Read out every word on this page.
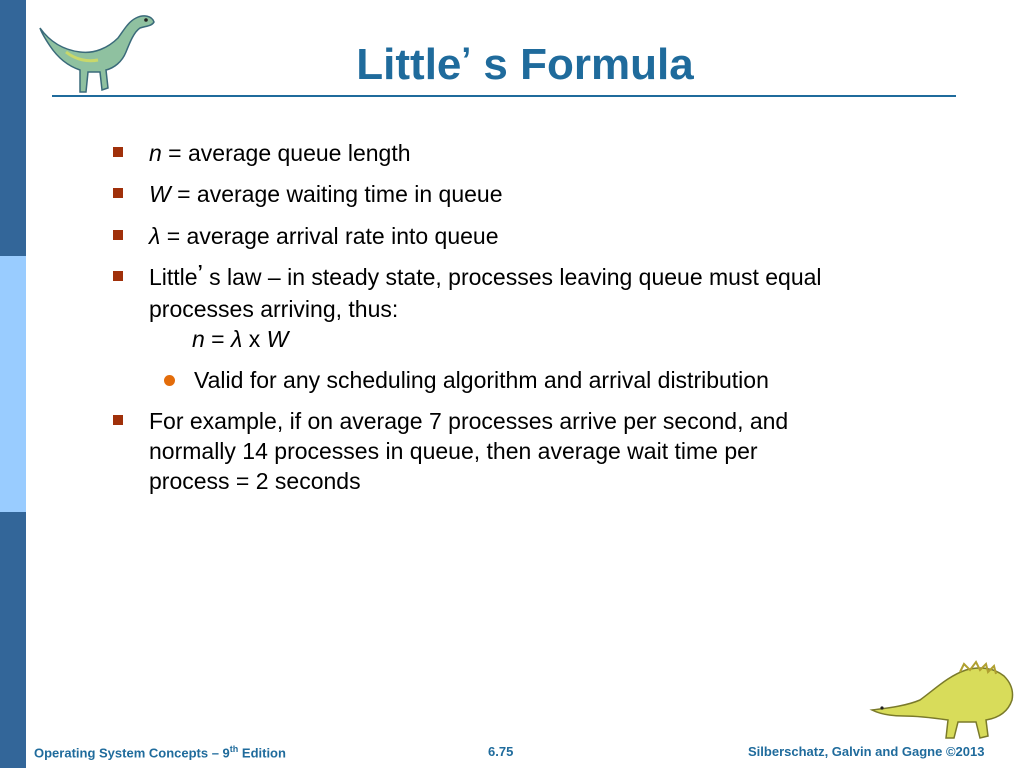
Little’ s Formula
n = average queue length
W = average waiting time in queue
λ = average arrival rate into queue
Little’ s law – in steady state, processes leaving queue must equal
processes arriving, thus:
n = λ x W
Valid for any scheduling algorithm and arrival distribution
For example, if on average 7 processes arrive per second, and
normally 14 processes in queue, then average wait time per
process = 2 seconds
Operating System Concepts – 9th Edition	6.75	Silberschatz, Galvin and Gagne ©2013
